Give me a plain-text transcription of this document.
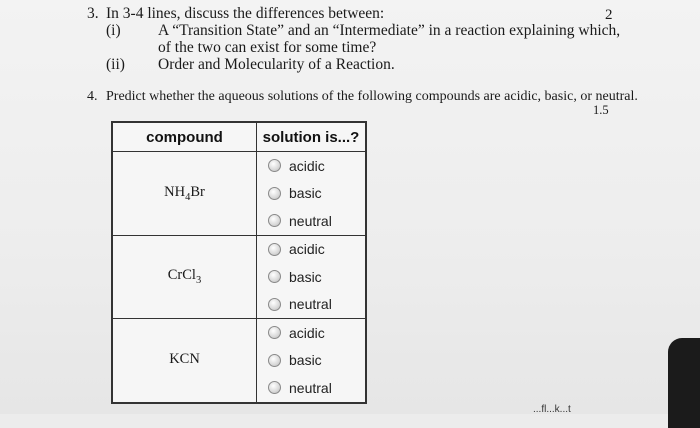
3. In 3-4 lines, discuss the differences between:	2
(i) A “Transition State” and an “Intermediate” in a reaction explaining which,
of the two can exist for some time?
(ii) Order and Molecularity of a Reaction.
4. Predict whether the aqueous solutions of the following compounds are acidic, basic, or neutral.
1.5
compound	solution is...?
$NH_4Br$	acidic
basic
neutral

CrCl$_3$	acidic
basic
neutral

KCN	acidic
basic
neutral
...fl...k...t
